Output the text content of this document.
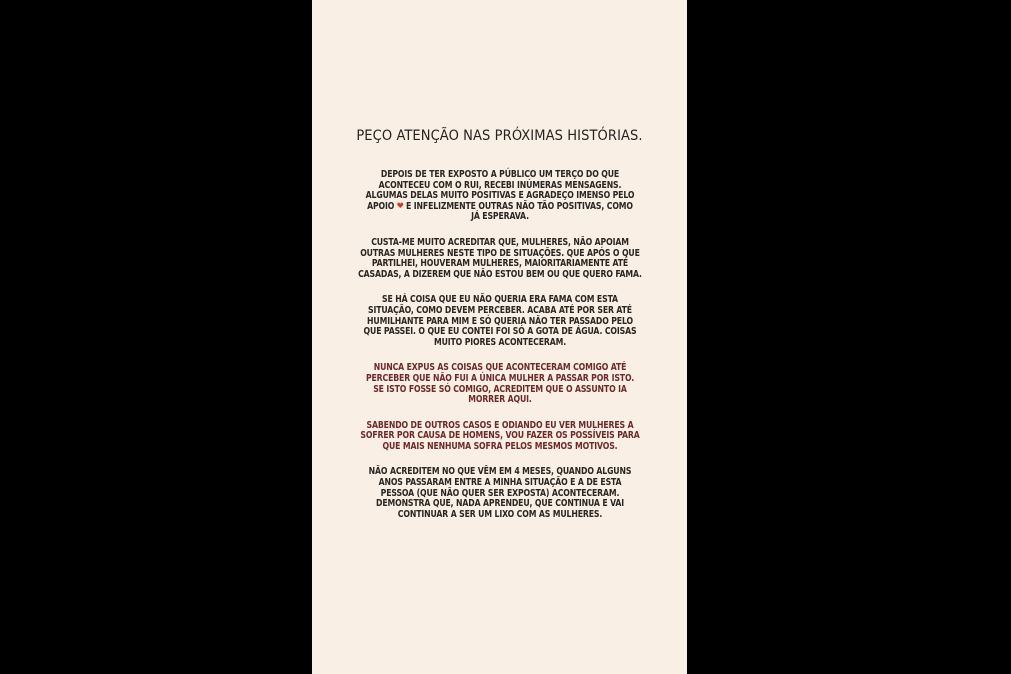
PEÇO ATENÇÃO NAS PRÓXIMAS HISTÓRIAS.
DEPOIS DE TER EXPOSTO A PÚBLICO UM TERÇO DO QUE
ACONTECEU COM O RUI, RECEBI INÚMERAS MENSAGENS.
ALGUMAS DELAS MUITO POSITIVAS E AGRADEÇO IMENSO PELO
APOIO ❤ E INFELIZMENTE OUTRAS NÃO TÃO POSITIVAS, COMO
JÁ ESPERAVA.
CUSTA-ME MUITO ACREDITAR QUE, MULHERES, NÃO APOIAM
OUTRAS MULHERES NESTE TIPO DE SITUAÇÕES. QUE APÓS O QUE
PARTILHEI, HOUVERAM MULHERES, MAIORITARIAMENTE ATÉ
CASADAS, A DIZEREM QUE NÃO ESTOU BEM OU QUE QUERO FAMA.
SE HÁ COISA QUE EU NÃO QUERIA ERA FAMA COM ESTA
SITUAÇÃO, COMO DEVEM PERCEBER. ACABA ATÉ POR SER ATÉ
HUMILHANTE PARA MIM E SÓ QUERIA NÃO TER PASSADO PELO
QUE PASSEI. O QUE EU CONTEI FOI SÓ A GOTA DE ÁGUA. COISAS
MUITO PIORES ACONTECERAM.
NUNCA EXPUS AS COISAS QUE ACONTECERAM COMIGO ATÉ
PERCEBER QUE NÃO FUI A ÚNICA MULHER A PASSAR POR ISTO.
SE ISTO FOSSE SÓ COMIGO, ACREDITEM QUE O ASSUNTO IA
MORRER AQUI.
SABENDO DE OUTROS CASOS E ODIANDO EU VER MULHERES A
SOFRER POR CAUSA DE HOMENS, VOU FAZER OS POSSÍVEIS PARA
QUE MAIS NENHUMA SOFRA PELOS MESMOS MOTIVOS.
NÃO ACREDITEM NO QUE VÊM EM 4 MESES, QUANDO ALGUNS
ANOS PASSARAM ENTRE A MINHA SITUAÇÃO E A DE ESTA
PESSOA (QUE NÃO QUER SER EXPOSTA) ACONTECERAM.
DEMONSTRA QUE, NADA APRENDEU, QUE CONTINUA E VAI
CONTINUAR A SER UM LIXO COM AS MULHERES.
